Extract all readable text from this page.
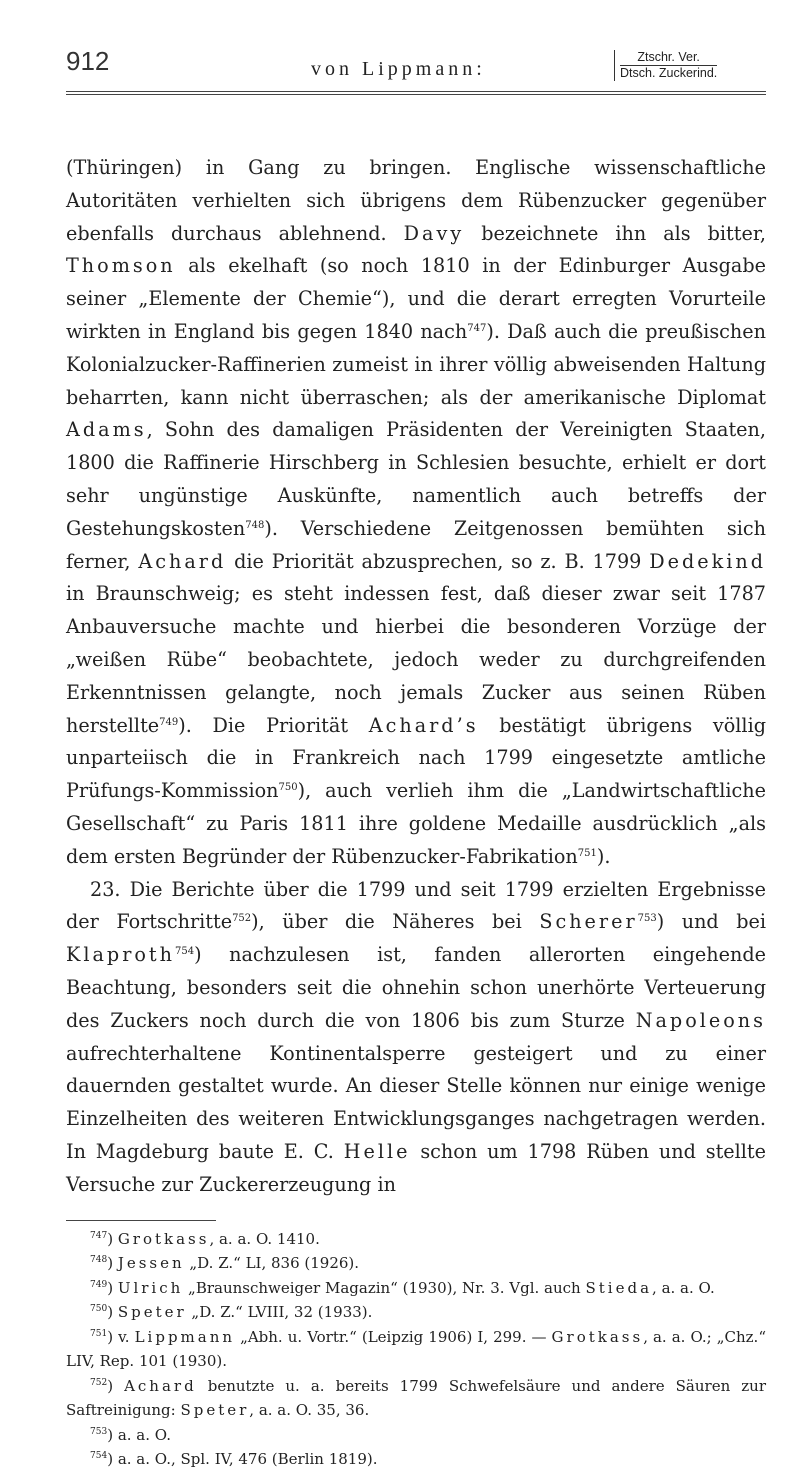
912	von Lippmann:
Ztschr. Ver.
Dtsch. Zuckerind.

(Thüringen) in Gang zu bringen. Englische wissenschaftliche Autoritäten verhielten sich übrigens dem Rübenzucker gegenüber ebenfalls durchaus ablehnend. Davy bezeichnete ihn als bitter, Thomson als ekelhaft (so noch 1810 in der Edinburger Ausgabe seiner „Elemente der Chemie“), und die derart erregten Vorurteile wirkten in England bis gegen 1840 nach$^{747}$). Daß auch die preußischen Kolonialzucker-Raffinerien zumeist in ihrer völlig abweisenden Haltung beharrten, kann nicht überraschen; als der amerikanische Diplomat Adams, Sohn des damaligen Präsidenten der Vereinigten Staaten, 1800 die Raffinerie Hirschberg in Schlesien besuchte, erhielt er dort sehr ungünstige Auskünfte, namentlich auch betreffs der Gestehungskosten$^{748}$). Verschiedene Zeitgenossen bemühten sich ferner, Achard die Priorität abzusprechen, so z. B. 1799 Dedekind in Braunschweig; es steht indessen fest, daß dieser zwar seit 1787 Anbauversuche machte und hierbei die besonderen Vorzüge der „weißen Rübe“ beobachtete, jedoch weder zu durchgreifenden Erkenntnissen gelangte, noch jemals Zucker aus seinen Rüben herstellte$^{749}$). Die Priorität Achard’s bestätigt übrigens völlig unparteiisch die in Frankreich nach 1799 eingesetzte amtliche Prüfungs-Kommission$^{750}$), auch verlieh ihm die „Landwirtschaftliche Gesellschaft“ zu Paris 1811 ihre goldene Medaille ausdrücklich „als dem ersten Begründer der Rübenzucker-Fabrikation$^{751}$).

23. Die Berichte über die 1799 und seit 1799 erzielten Ergebnisse der Fortschritte$^{752}$), über die Näheres bei Scherer$^{753}$) und bei Klaproth$^{754}$) nachzulesen ist, fanden allerorten eingehende Beachtung, besonders seit die ohnehin schon unerhörte Verteuerung des Zuckers noch durch die von 1806 bis zum Sturze Napoleons aufrechterhaltene Kontinentalsperre gesteigert und zu einer dauernden gestaltet wurde. An dieser Stelle können nur einige wenige Einzelheiten des weiteren Entwicklungsganges nachgetragen werden. In Magdeburg baute E. C. Helle schon um 1798 Rüben und stellte Versuche zur Zuckererzeugung in

$^{747}$) Grotkass, a. a. O. 1410.

$^{748}$) Jessen „D. Z.“ LI, 836 (1926).

$^{749}$) Ulrich „Braunschweiger Magazin“ (1930), Nr. 3. Vgl. auch Stieda, a. a. O.

$^{750}$) Speter „D. Z.“ LVIII, 32 (1933).

$^{751}$) v. Lippmann „Abh. u. Vortr.“ (Leipzig 1906) I, 299. — Grotkass, a. a. O.; „Chz.“ LIV, Rep. 101 (1930).

$^{752}$) Achard benutzte u. a. bereits 1799 Schwefelsäure und andere Säuren zur Saftreinigung: Speter, a. a. O. 35, 36.

$^{753}$) a. a. O.

$^{754}$) a. a. O., Spl. IV, 476 (Berlin 1819).
